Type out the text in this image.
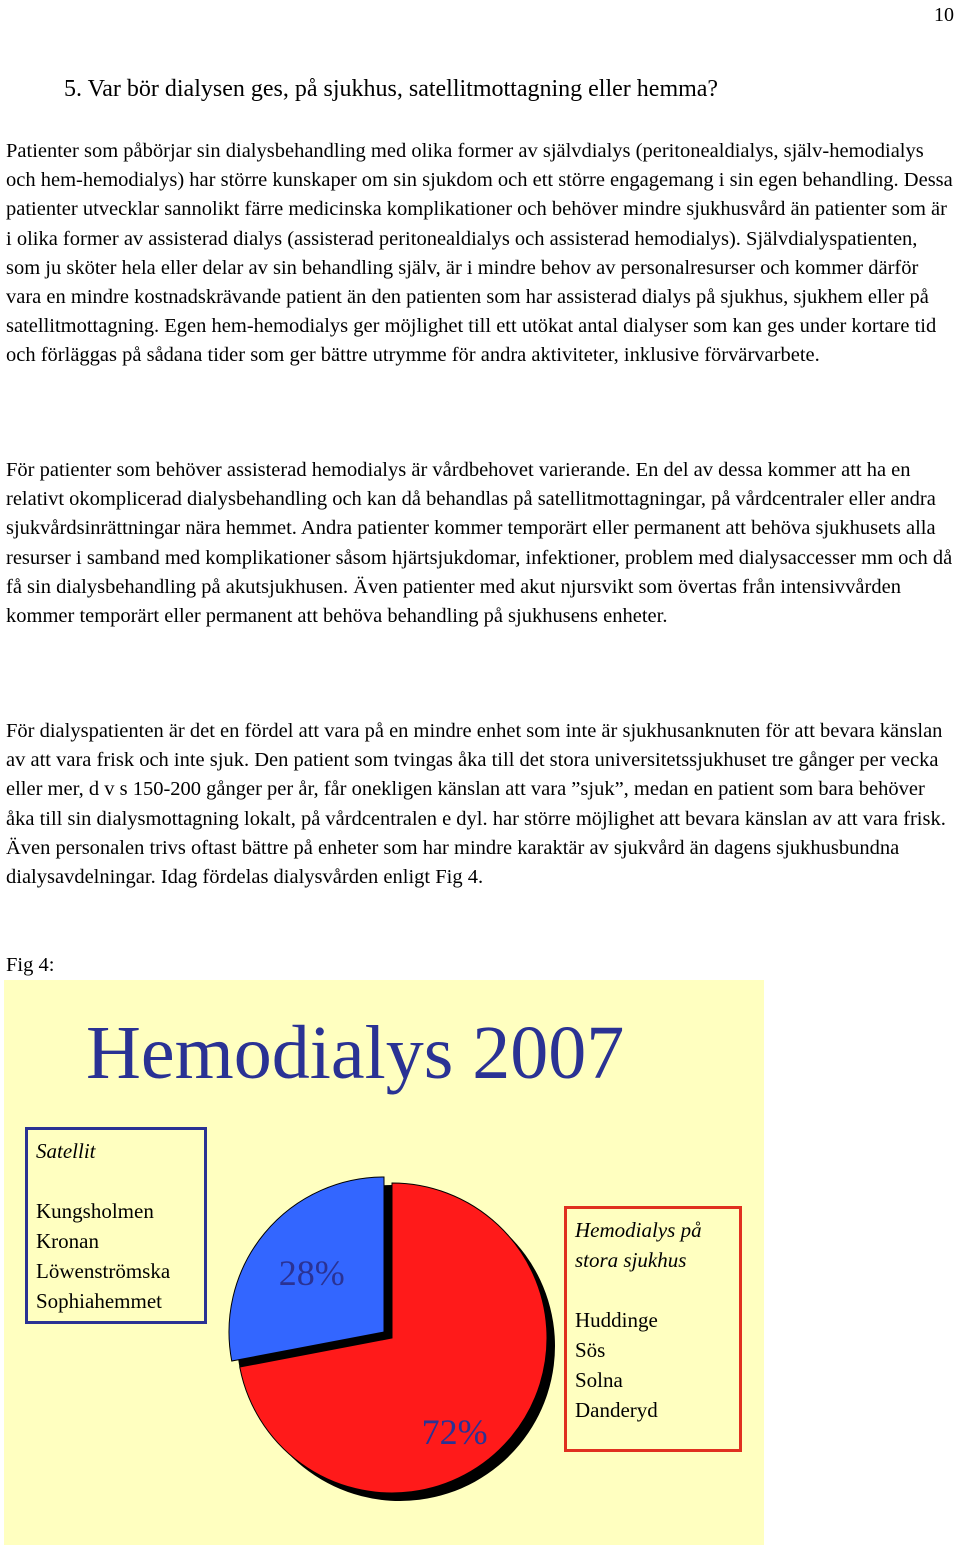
10
5. Var bör dialysen ges, på sjukhus, satellitmottagning eller hemma?

Patienter som påbörjar sin dialysbehandling med olika former av självdialys (peritonealdialys, själv-hemodialys och hem-hemodialys) har större kunskaper om sin sjukdom och ett större engagemang i sin egen behandling. Dessa patienter utvecklar sannolikt färre medicinska komplikationer och behöver mindre sjukhusvård än patienter som är i olika former av assisterad dialys (assisterad peritonealdialys och assisterad hemodialys). Självdialyspatienten, som ju sköter hela eller delar av sin behandling själv, är i mindre behov av personalresurser och kommer därför vara en mindre kostnadskrävande patient än den patienten som har assisterad dialys på sjukhus, sjukhem eller på satellitmottagning. Egen hem-hemodialys ger möjlighet till ett utökat antal dialyser som kan ges under kortare tid och förläggas på sådana tider som ger bättre utrymme för andra aktiviteter, inklusive förvärvarbete.

För patienter som behöver assisterad hemodialys är vårdbehovet varierande. En del av dessa kommer att ha en relativt okomplicerad dialysbehandling och kan då behandlas på satellitmottagningar, på vårdcentraler eller andra sjukvårdsinrättningar nära hemmet. Andra patienter kommer temporärt eller permanent att behöva sjukhusets alla resurser i samband med komplikationer såsom hjärtsjukdomar, infektioner, problem med dialysaccesser mm och då få sin dialysbehandling på akutsjukhusen. Även patienter med akut njursvikt som övertas från intensivvården kommer temporärt eller permanent att behöva behandling på sjukhusens enheter.

För dialyspatienten är det en fördel att vara på en mindre enhet som inte är sjukhusanknuten för att bevara känslan av att vara frisk och inte sjuk. Den patient som tvingas åka till det stora universitetssjukhuset tre gånger per vecka eller mer, d v s 150-200 gånger per år, får onekligen känslan att vara ”sjuk”, medan en patient som bara behöver åka till sin dialysmottagning lokalt, på vårdcentralen e dyl. har större möjlighet att bevara känslan av att vara frisk. Även personalen trivs oftast bättre på enheter som har mindre karaktär av sjukvård än dagens sjukhusbundna dialysavdelningar. Idag fördelas dialysvården enligt Fig 4.

Fig 4:
Hemodialys 2007
Satellit
Kungsholmen
Kronan
Löwenströmska
Sophiahemmet
Hemodialys på stora sjukhus
Huddinge
Sös
Solna
Danderyd
28%
72%
